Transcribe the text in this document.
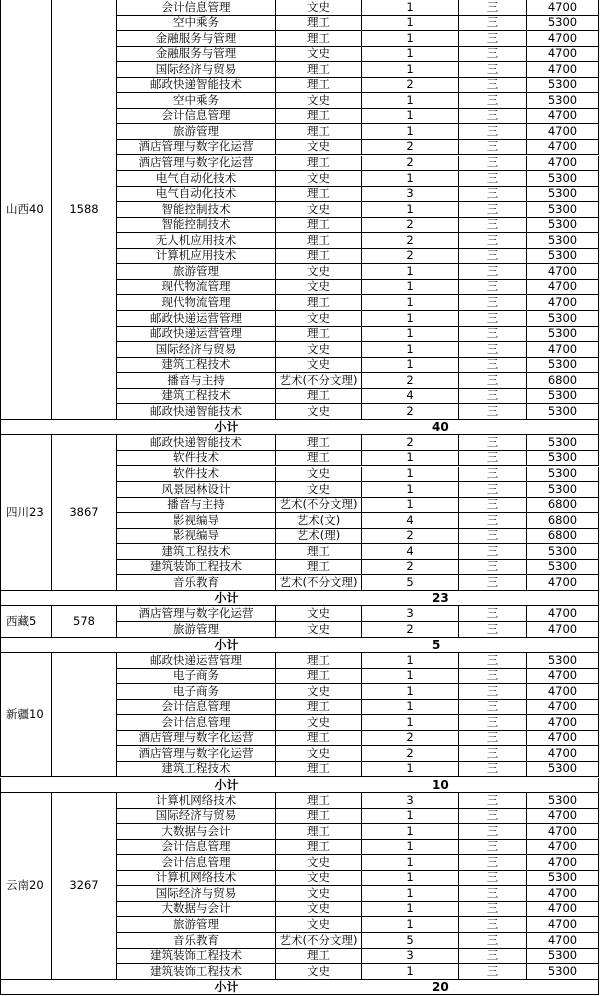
山西40	1588
会计信息管理	文史	1	三	4700
空中乘务	理工	1	三	5300
金融服务与管理	理工	1	三	4700
金融服务与管理	文史	1	三	4700
国际经济与贸易	理工	1	三	4700
邮政快递智能技术	理工	2	三	5300
空中乘务	文史	1	三	5300
会计信息管理	理工	1	三	4700
旅游管理	理工	1	三	4700
酒店管理与数字化运营	文史	2	三	4700
酒店管理与数字化运营	理工	2	三	4700
电气自动化技术	文史	1	三	5300
电气自动化技术	理工	3	三	5300
智能控制技术	文史	1	三	5300
智能控制技术	理工	2	三	5300
无人机应用技术	理工	2	三	5300
计算机应用技术	理工	2	三	5300
旅游管理	文史	1	三	4700
现代物流管理	文史	1	三	4700
现代物流管理	理工	1	三	4700
邮政快递运营管理	文史	1	三	5300
邮政快递运营管理	理工	1	三	5300
国际经济与贸易	文史	1	三	4700
建筑工程技术	文史	1	三	5300
播音与主持	艺术(不分文理)	2	三	6800
建筑工程技术	理工	4	三	5300
邮政快递智能技术	文史	2	三	5300
小计	40
四川23	3867
邮政快递智能技术	理工	2	三	5300
软件技术	理工	1	三	5300
软件技术	文史	1	三	5300
风景园林设计	文史	1	三	5300
播音与主持	艺术(不分文理)	1	三	6800
影视编导	艺术(文)	4	三	6800
影视编导	艺术(理)	2	三	6800
建筑工程技术	理工	4	三	5300
建筑装饰工程技术	理工	2	三	5300
音乐教育	艺术(不分文理)	5	三	4700
小计	23
西藏5	578
酒店管理与数字化运营	文史	3	三	4700
旅游管理	文史	2	三	4700
小计	5
新疆10
邮政快递运营管理	理工	1	三	5300
电子商务	理工	1	三	4700
电子商务	文史	1	三	4700
会计信息管理	理工	1	三	4700
会计信息管理	文史	1	三	4700
酒店管理与数字化运营	理工	2	三	4700
酒店管理与数字化运营	文史	2	三	4700
建筑工程技术	理工	1	三	5300
小计	10
云南20	3267
计算机网络技术	理工	3	三	5300
国际经济与贸易	理工	1	三	4700
大数据与会计	理工	1	三	4700
会计信息管理	理工	1	三	4700
会计信息管理	文史	1	三	4700
计算机网络技术	文史	1	三	5300
国际经济与贸易	文史	1	三	4700
大数据与会计	文史	1	三	4700
旅游管理	文史	1	三	4700
音乐教育	艺术(不分文理)	5	三	4700
建筑装饰工程技术	理工	3	三	5300
建筑装饰工程技术	文史	1	三	5300
小计	20
